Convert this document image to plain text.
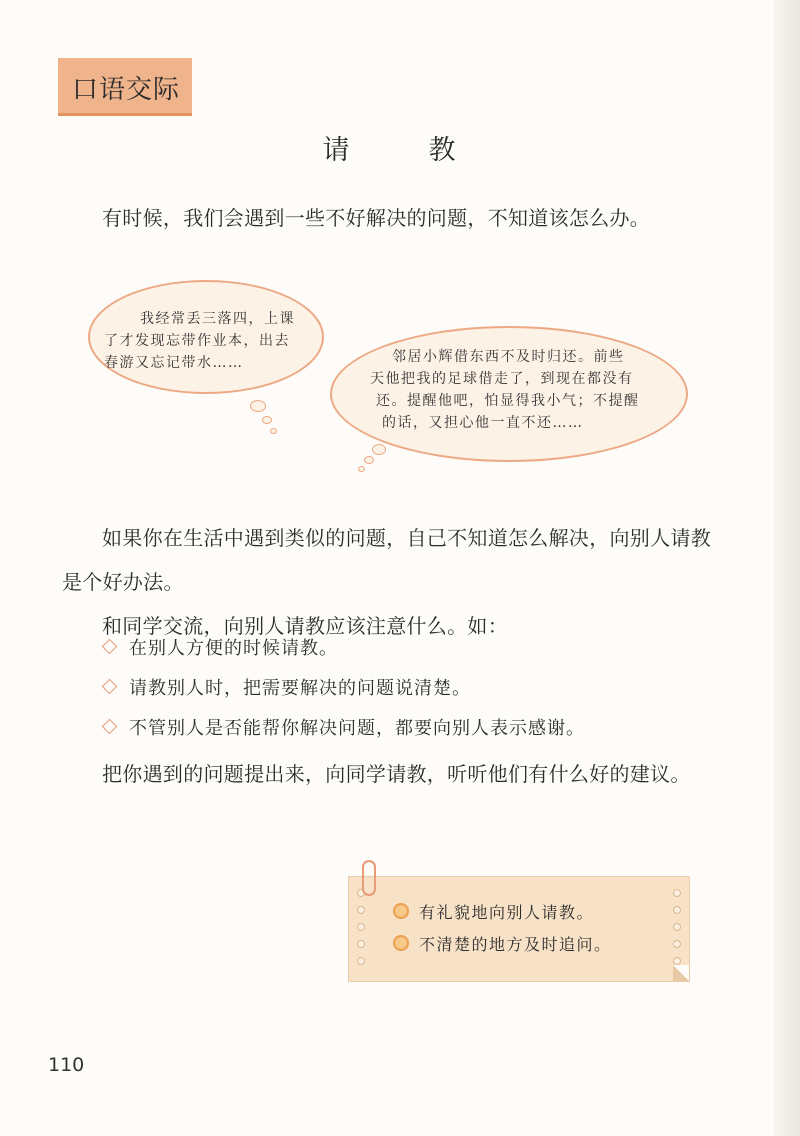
口语交际
请　教
有时候，我们会遇到一些不好解决的问题，不知道该怎么办。
我经常丢三落四，上课
了才发现忘带作业本，出去
春游又忘记带水……	邻居小辉借东西不及时归还。前些
天他把我的足球借走了，到现在都没有
还。提醒他吧，怕显得我小气；不提醒
的话，又担心他一直不还……
如果你在生活中遇到类似的问题，自己不知道怎么解决，向别人请教是个好办法。
和同学交流，向别人请教应该注意什么。如：
在别人方便的时候请教。
请教别人时，把需要解决的问题说清楚。
不管别人是否能帮你解决问题，都要向别人表示感谢。
把你遇到的问题提出来，向同学请教，听听他们有什么好的建议。
有礼貌地向别人请教。
不清楚的地方及时追问。
110
